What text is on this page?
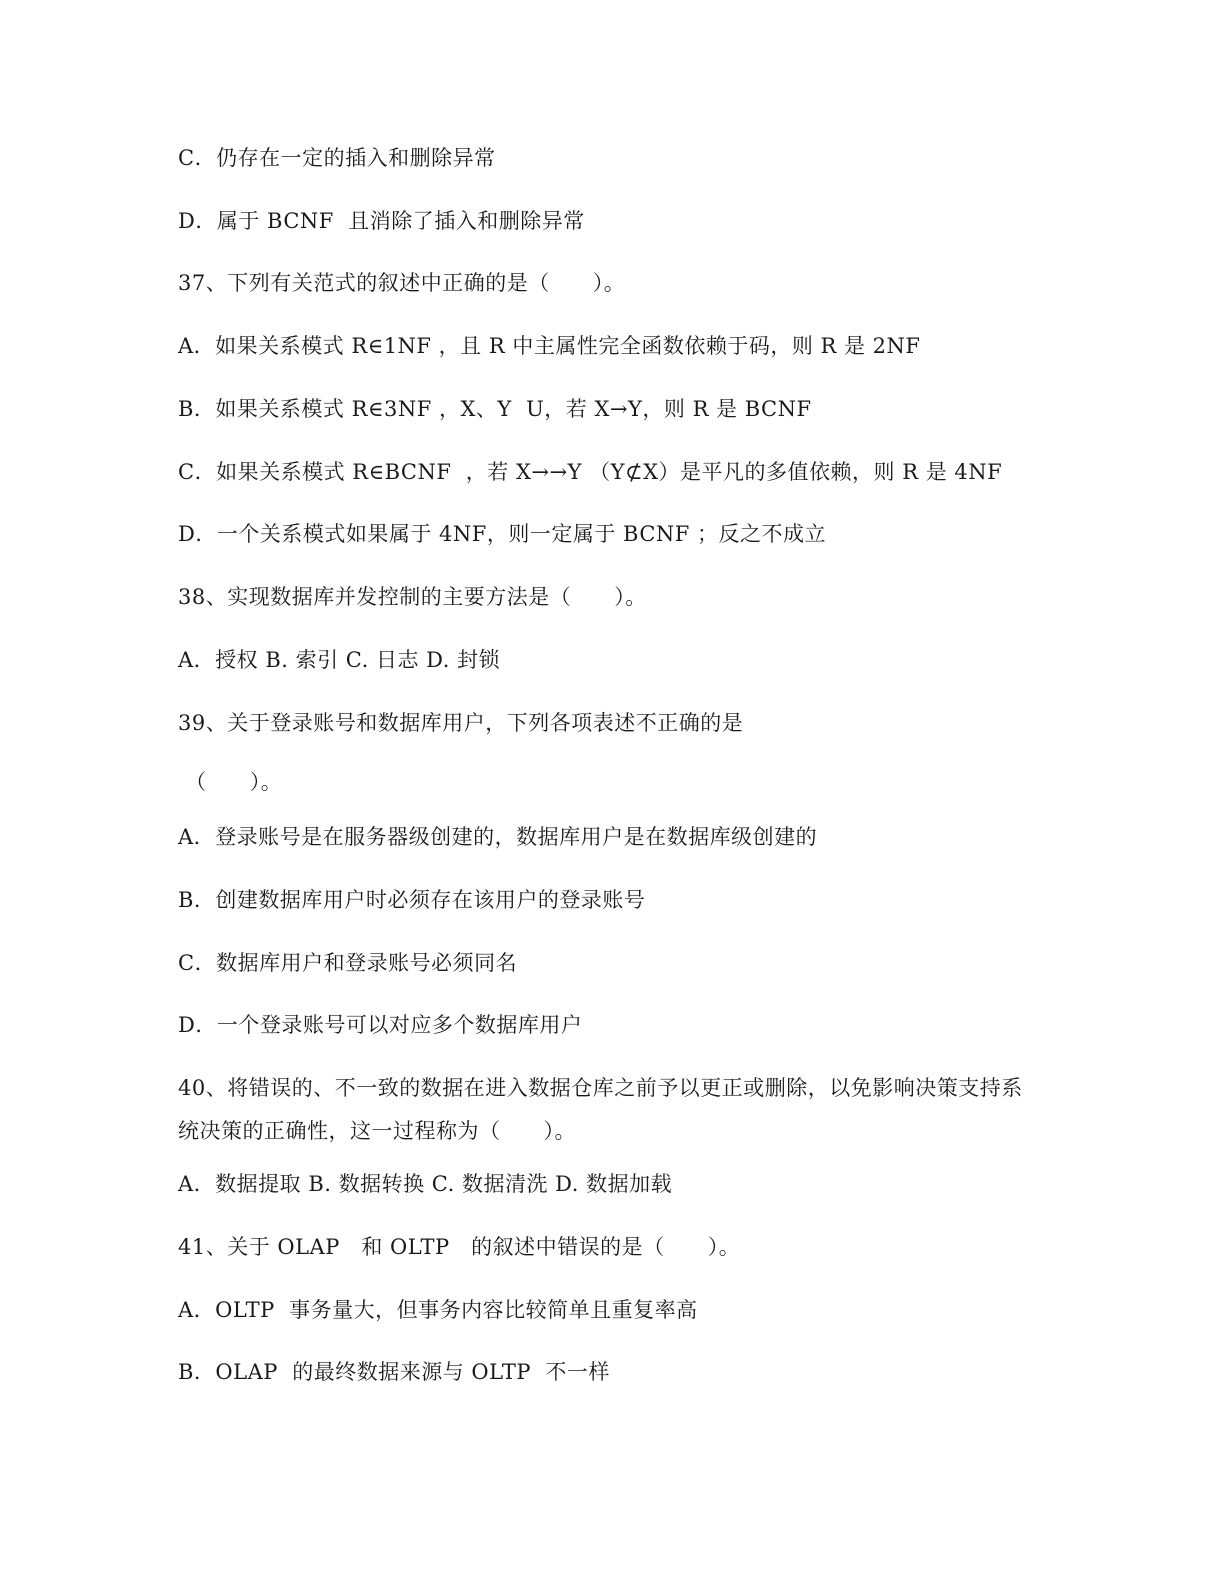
C．仍存在一定的插入和删除异常
D．属于 BCNF  且消除了插入和删除异常
37、下列有关范式的叙述中正确的是（      ）。
A．如果关系模式 R∈1NF ，且 R 中主属性完全函数依赖于码，则 R 是 2NF
B．如果关系模式 R∈3NF ，X、Y  U，若 X→Y，则 R 是 BCNF
C．如果关系模式 R∈BCNF  ，若 X→→Y （Y⊄X）是平凡的多值依赖，则 R 是 4NF
D．一个关系模式如果属于 4NF，则一定属于 BCNF ；反之不成立
38、实现数据库并发控制的主要方法是（      ）。
A．授权 B. 索引 C. 日志 D. 封锁
39、关于登录账号和数据库用户，下列各项表述不正确的是
（      ）。
A．登录账号是在服务器级创建的，数据库用户是在数据库级创建的
B．创建数据库用户时必须存在该用户的登录账号
C．数据库用户和登录账号必须同名
D．一个登录账号可以对应多个数据库用户
40、将错误的、不一致的数据在进入数据仓库之前予以更正或删除，以免影响决策支持系
统决策的正确性，这一过程称为（      ）。
A．数据提取 B. 数据转换 C. 数据清洗 D. 数据加载
41、关于 OLAP   和 OLTP   的叙述中错误的是（      ）。
A．OLTP  事务量大，但事务内容比较简单且重复率高
B．OLAP  的最终数据来源与 OLTP  不一样
